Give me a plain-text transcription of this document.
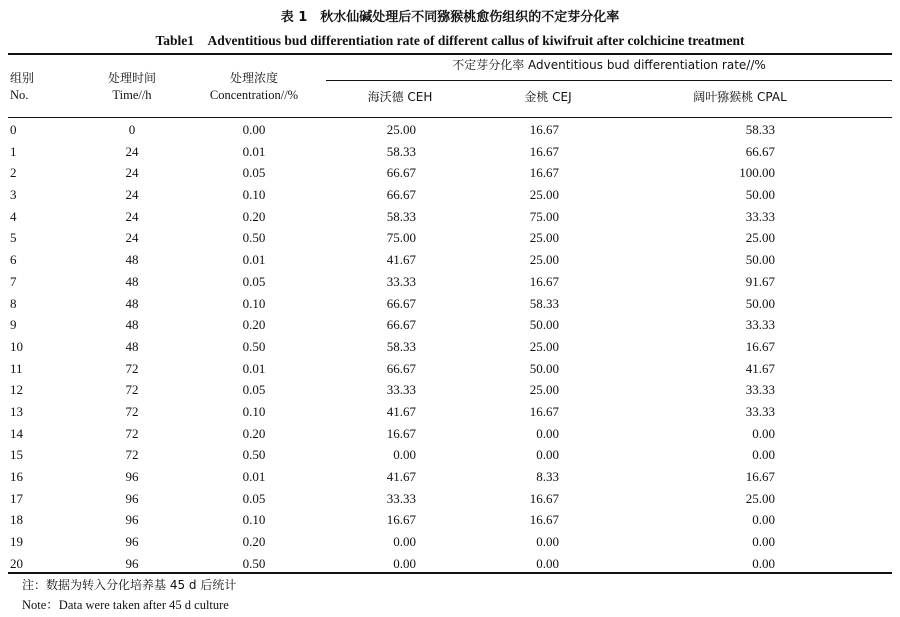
表 1　秋水仙碱处理后不同猕猴桃愈伤组织的不定芽分化率
Table1　Adventitious bud differentiation rate of different callus of kiwifruit after colchicine treatment
组别
No.
处理时间
Time//h
处理浓度
Concentration//%
不定芽分化率 Adventitious bud differentiation rate//%
海沃德 CEH	金桃 CEJ	阔叶猕猴桃 CPAL
0	0	0.00	25.00	16.67	58.33
1	24	0.01	58.33	16.67	66.67
2	24	0.05	66.67	16.67	100.00
3	24	0.10	66.67	25.00	50.00
4	24	0.20	58.33	75.00	33.33
5	24	0.50	75.00	25.00	25.00
6	48	0.01	41.67	25.00	50.00
7	48	0.05	33.33	16.67	91.67
8	48	0.10	66.67	58.33	50.00
9	48	0.20	66.67	50.00	33.33
10	48	0.50	58.33	25.00	16.67
11	72	0.01	66.67	50.00	41.67
12	72	0.05	33.33	25.00	33.33
13	72	0.10	41.67	16.67	33.33
14	72	0.20	16.67	0.00	0.00
15	72	0.50	0.00	0.00	0.00
16	96	0.01	41.67	8.33	16.67
17	96	0.05	33.33	16.67	25.00
18	96	0.10	16.67	16.67	0.00
19	96	0.20	0.00	0.00	0.00
20	96	0.50	0.00	0.00	0.00
注：数据为转入分化培养基 45 d 后统计
Note：Data were taken after 45 d culture
